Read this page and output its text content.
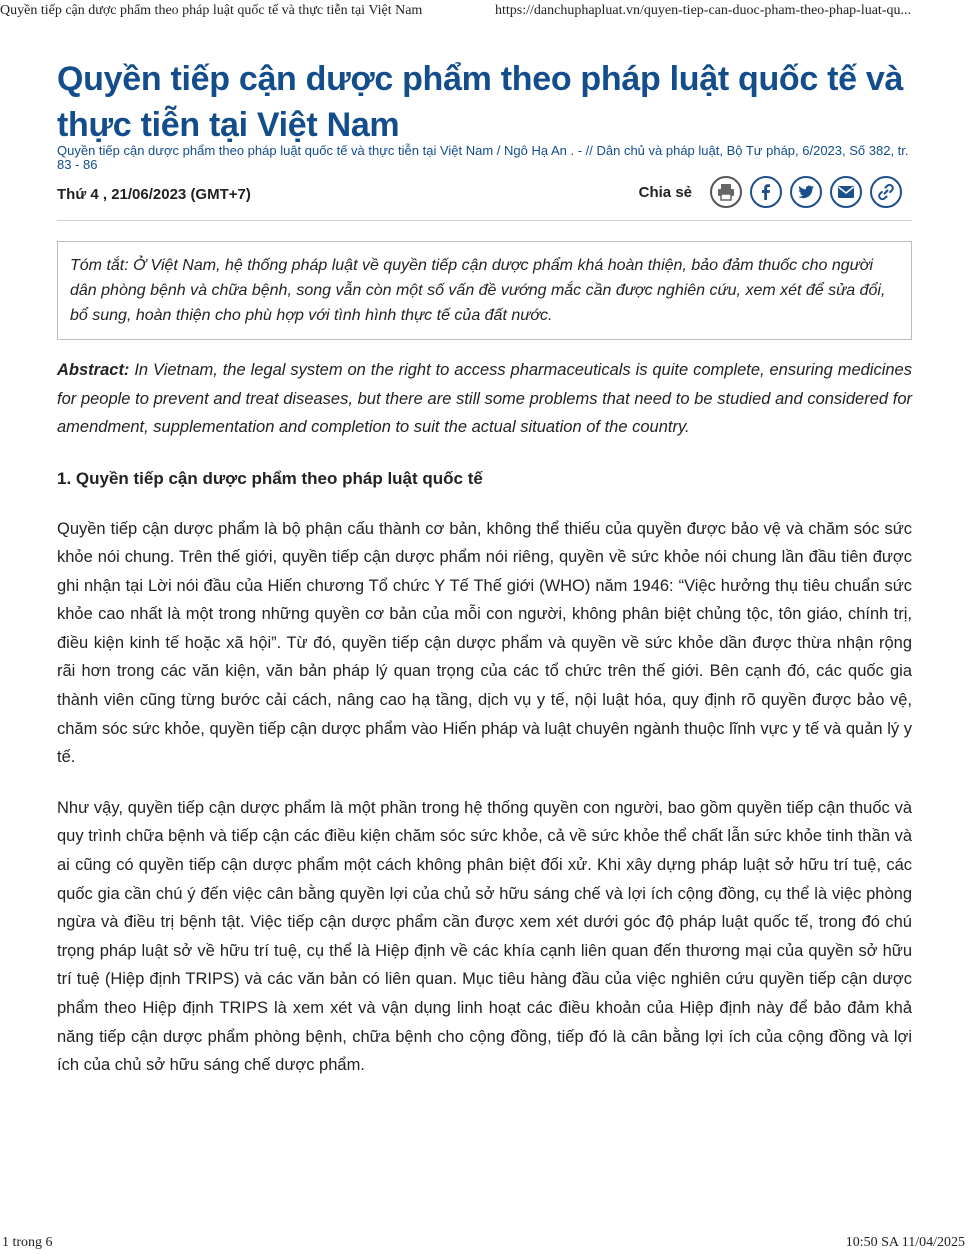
Quyền tiếp cận dược phẩm theo pháp luật quốc tế và thực tiễn tại Việt Nam	https://danchuphapluat.vn/quyen-tiep-can-duoc-pham-theo-phap-luat-qu...
Quyền tiếp cận dược phẩm theo pháp luật quốc tế và thực tiễn tại Việt Nam
Quyền tiếp cận dược phẩm theo pháp luật quốc tế và thực tiễn tại Việt Nam / Ngô Hạ An . - // Dân chủ và pháp luật, Bộ Tư pháp, 6/2023, Số 382, tr. 83 - 86
Thứ 4 , 21/06/2023 (GMT+7)	Chia sẻ
Tóm tắt: Ở Việt Nam, hệ thống pháp luật về quyền tiếp cận dược phẩm khá hoàn thiện, bảo đảm thuốc cho người dân phòng bệnh và chữa bệnh, song vẫn còn một số vấn đề vướng mắc cần được nghiên cứu, xem xét để sửa đổi, bổ sung, hoàn thiện cho phù hợp với tình hình thực tế của đất nước.
Abstract: In Vietnam, the legal system on the right to access pharmaceuticals is quite complete, ensuring medicines for people to prevent and treat diseases, but there are still some problems that need to be studied and considered for amendment, supplementation and completion to suit the actual situation of the country.
1. Quyền tiếp cận dược phẩm theo pháp luật quốc tế

Quyền tiếp cận dược phẩm là bộ phận cấu thành cơ bản, không thể thiếu của quyền được bảo vệ và chăm sóc sức khỏe nói chung. Trên thế giới, quyền tiếp cận dược phẩm nói riêng, quyền về sức khỏe nói chung lần đầu tiên được ghi nhận tại Lời nói đầu của Hiến chương Tổ chức Y Tế Thế giới (WHO) năm 1946: “Việc hưởng thụ tiêu chuẩn sức khỏe cao nhất là một trong những quyền cơ bản của mỗi con người, không phân biệt chủng tộc, tôn giáo, chính trị, điều kiện kinh tế hoặc xã hội”. Từ đó, quyền tiếp cận dược phẩm và quyền về sức khỏe dần được thừa nhận rộng rãi hơn trong các văn kiện, văn bản pháp lý quan trọng của các tổ chức trên thế giới. Bên cạnh đó, các quốc gia thành viên cũng từng bước cải cách, nâng cao hạ tầng, dịch vụ y tế, nội luật hóa, quy định rõ quyền được bảo vệ, chăm sóc sức khỏe, quyền tiếp cận dược phẩm vào Hiến pháp và luật chuyên ngành thuộc lĩnh vực y tế và quản lý y tế.

Như vậy, quyền tiếp cận dược phẩm là một phần trong hệ thống quyền con người, bao gồm quyền tiếp cận thuốc và quy trình chữa bệnh và tiếp cận các điều kiện chăm sóc sức khỏe, cả về sức khỏe thể chất lẫn sức khỏe tinh thần và ai cũng có quyền tiếp cận dược phẩm một cách không phân biệt đối xử. Khi xây dựng pháp luật sở hữu trí tuệ, các quốc gia cần chú ý đến việc cân bằng quyền lợi của chủ sở hữu sáng chế và lợi ích cộng đồng, cụ thể là việc phòng ngừa và điều trị bệnh tật. Việc tiếp cận dược phẩm cần được xem xét dưới góc độ pháp luật quốc tế, trong đó chú trọng pháp luật sở về hữu trí tuệ, cụ thể là Hiệp định về các khía cạnh liên quan đến thương mại của quyền sở hữu trí tuệ (Hiệp định TRIPS) và các văn bản có liên quan. Mục tiêu hàng đầu của việc nghiên cứu quyền tiếp cận dược phẩm theo Hiệp định TRIPS là xem xét và vận dụng linh hoạt các điều khoản của Hiệp định này để bảo đảm khả năng tiếp cận dược phẩm phòng bệnh, chữa bệnh cho cộng đồng, tiếp đó là cân bằng lợi ích của cộng đồng và lợi ích của chủ sở hữu sáng chế dược phẩm.

1 trong 6	10:50 SA 11/04/2025
